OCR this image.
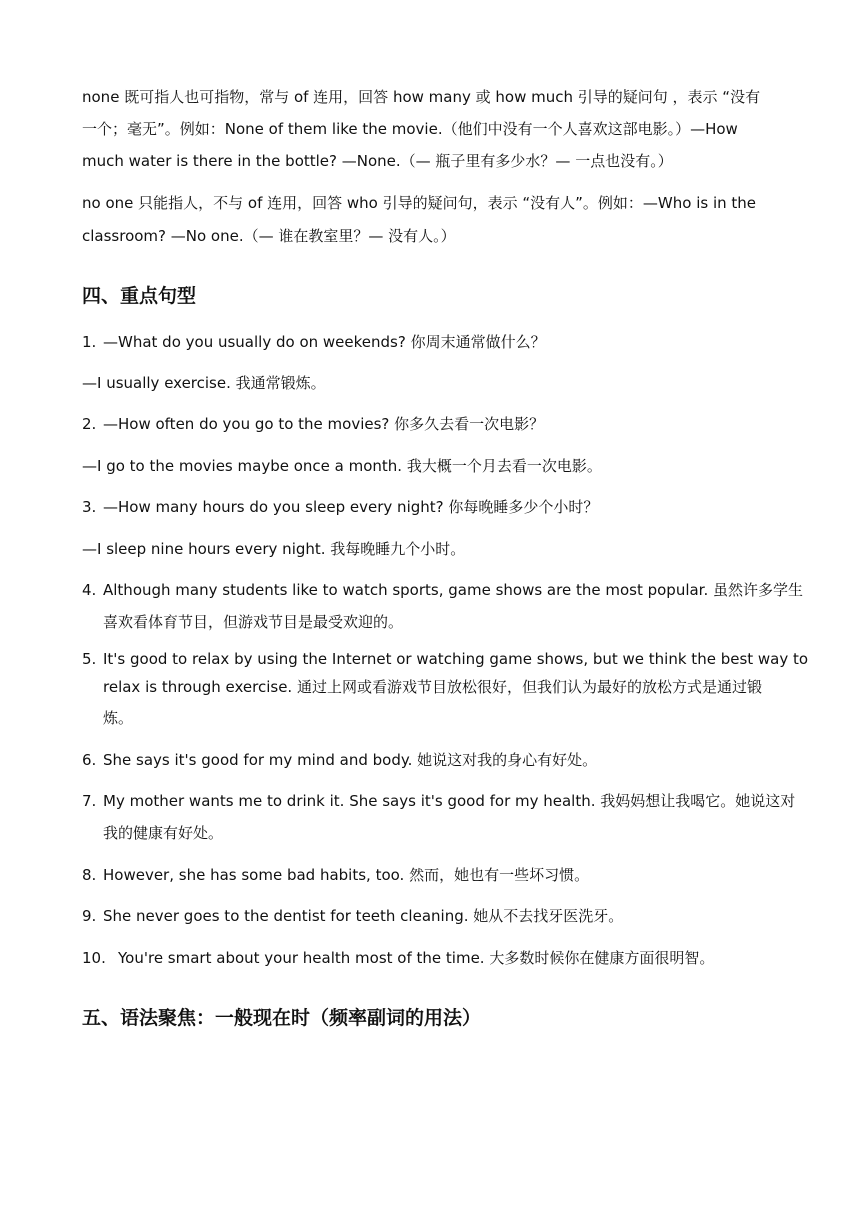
none 既可指人也可指物，常与 of 连用，回答 how many 或 how much 引导的疑问句 ，表示 “没有
一个；毫无”。例如：None of them like the movie.（他们中没有一个人喜欢这部电影。）—How
much water is there in the bottle? —None.（— 瓶子里有多少水？— 一点也没有。）
no one 只能指人，不与 of 连用，回答 who 引导的疑问句，表示 “没有人”。例如：—Who is in the
classroom? —No one.（— 谁在教室里？— 没有人。）
四、重点句型
1. —What do you usually do on weekends? 你周末通常做什么？
—I usually exercise. 我通常锻炼。
2. —How often do you go to the movies? 你多久去看一次电影？
—I go to the movies maybe once a month. 我大概一个月去看一次电影。
3. —How many hours do you sleep every night? 你每晚睡多少个小时？
—I sleep nine hours every night. 我每晚睡九个小时。
4. Although many students like to watch sports, game shows are the most popular. 虽然许多学生
喜欢看体育节目，但游戏节目是最受欢迎的。
5. It's good to relax by using the Internet or watching game shows, but we think the best way to
relax is through exercise. 通过上网或看游戏节目放松很好，但我们认为最好的放松方式是通过锻
炼。
6. She says it's good for my mind and body. 她说这对我的身心有好处。
7. My mother wants me to drink it. She says it's good for my health. 我妈妈想让我喝它。她说这对
我的健康有好处。
8. However, she has some bad habits, too. 然而，她也有一些坏习惯。
9. She never goes to the dentist for teeth cleaning. 她从不去找牙医洗牙。
10. You're smart about your health most of the time. 大多数时候你在健康方面很明智。
五、语法聚焦：一般现在时（频率副词的用法）
